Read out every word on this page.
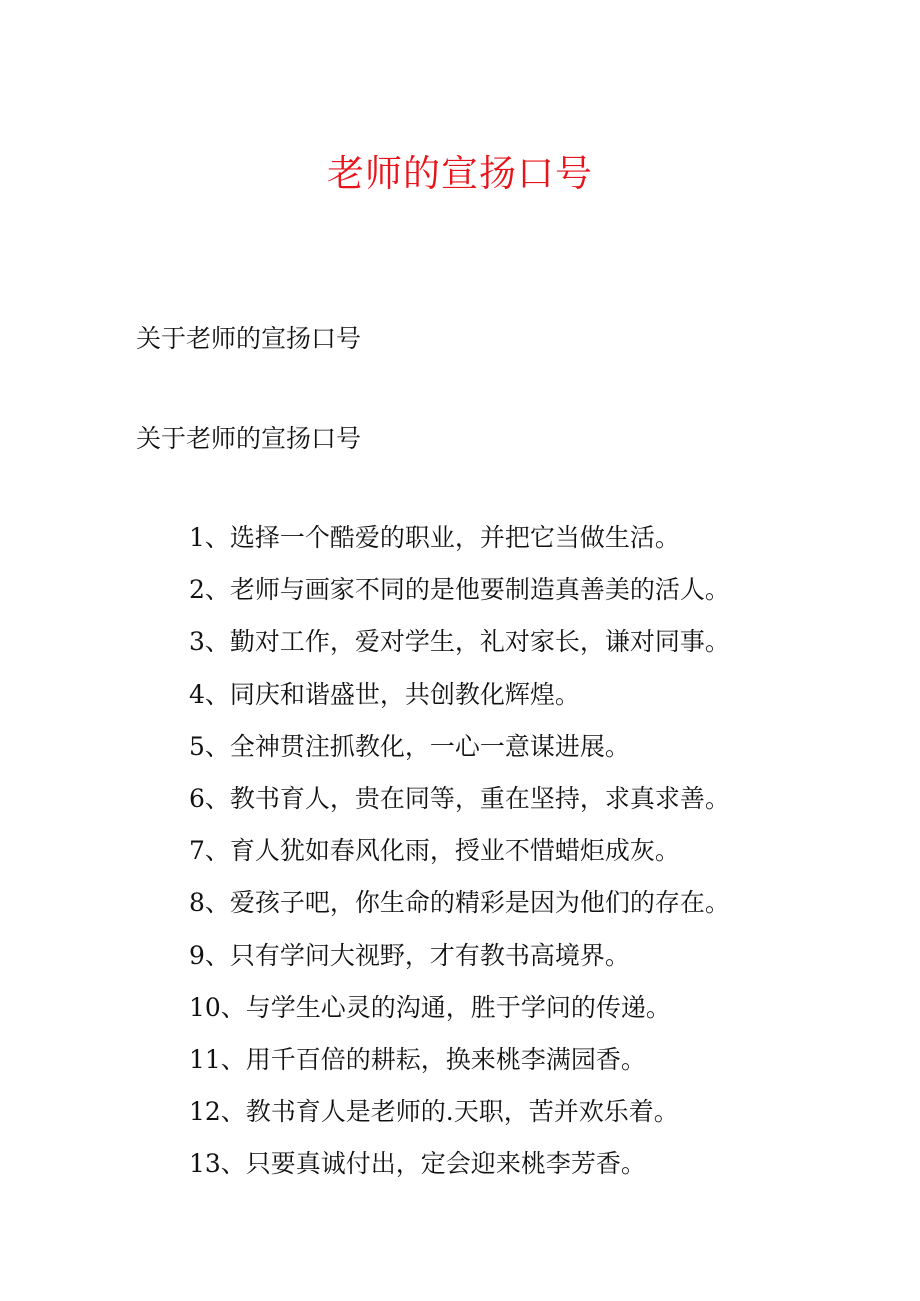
老师的宣扬口号
关于老师的宣扬口号
关于老师的宣扬口号
1、选择一个酷爱的职业，并把它当做生活。
2、老师与画家不同的是他要制造真善美的活人。
3、勤对工作，爱对学生，礼对家长，谦对同事。
4、同庆和谐盛世，共创教化辉煌。
5、全神贯注抓教化，一心一意谋进展。
6、教书育人，贵在同等，重在坚持，求真求善。
7、育人犹如春风化雨，授业不惜蜡炬成灰。
8、爱孩子吧，你生命的精彩是因为他们的存在。
9、只有学问大视野，才有教书高境界。
10、与学生心灵的沟通，胜于学问的传递。
11、用千百倍的耕耘，换来桃李满园香。
12、教书育人是老师的.天职，苦并欢乐着。
13、只要真诚付出，定会迎来桃李芳香。
